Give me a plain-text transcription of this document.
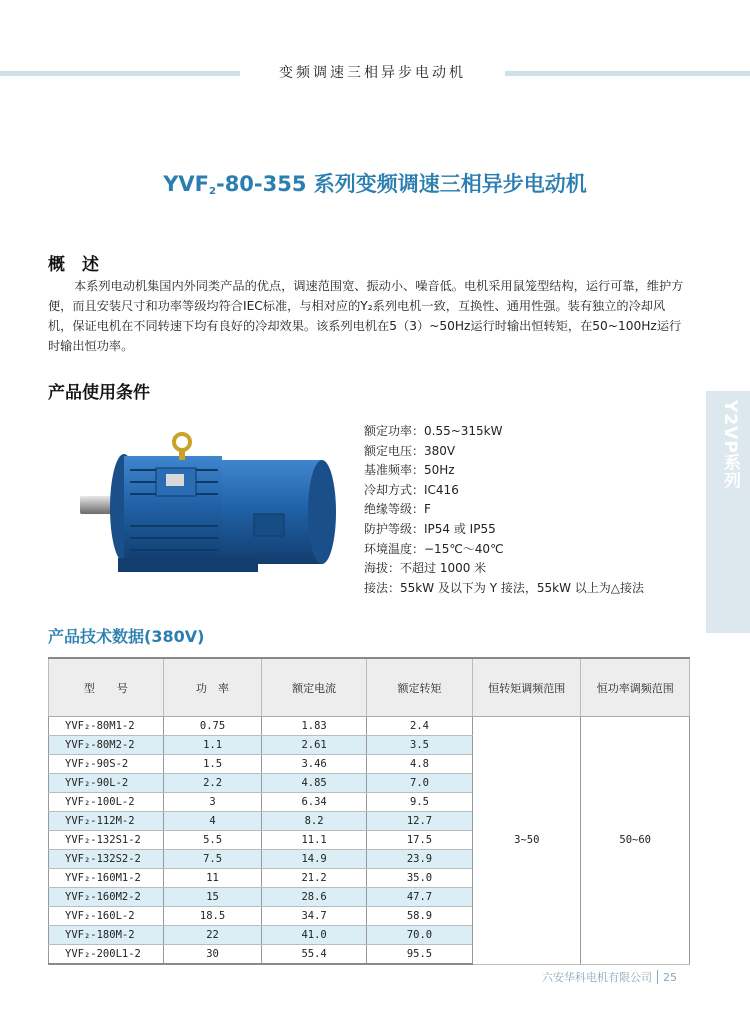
变频调速三相异步电动机
$YVF_2-80-355$ 系列变频调速三相异步电动机
概　述
本系列电动机集国内外同类产品的优点，调速范围宽、振动小、噪音低。电机采用鼠笼型结构，运行可靠，维护方便，而且安装尺寸和功率等级均符合IEC标准，与相对应的Y₂系列电机一致，互换性、通用性强。装有独立的冷却风机，保证电机在不同转速下均有良好的冷却效果。该系列电机在5（3）~50Hz运行时输出恒转矩，在50~100Hz运行时输出恒功率。
产品使用条件
Y2VP系列
额定功率：0.55~315kW
额定电压：380V
基准频率：50Hz
冷却方式：IC416
绝缘等级：F
防护等级：IP54 或 IP55
环境温度：−15℃～40℃
海拔：不超过 1000 米
接法：55kW 及以下为 Y 接法，55kW 以上为△接法
产品技术数据(380V)
型　　号	功　率	额定电流	额定转矩	恒转矩调频范围	恒功率调频范围
YVF₂-80M1-2	0.75	1.83	2.4	3~50	50~60
YVF₂-80M2-2	1.1	2.61	3.5		
YVF₂-90S-2	1.5	3.46	4.8		
YVF₂-90L-2	2.2	4.85	7.0		
YVF₂-100L-2	3	6.34	9.5		
YVF₂-112M-2	4	8.2	12.7		
YVF₂-132S1-2	5.5	11.1	17.5		
YVF₂-132S2-2	7.5	14.9	23.9		
YVF₂-160M1-2	11	21.2	35.0		
YVF₂-160M2-2	15	28.6	47.7		
YVF₂-160L-2	18.5	34.7	58.9		
YVF₂-180M-2	22	41.0	70.0		
YVF₂-200L1-2	30	55.4	95.5		
六安华科电机有限公司 25
